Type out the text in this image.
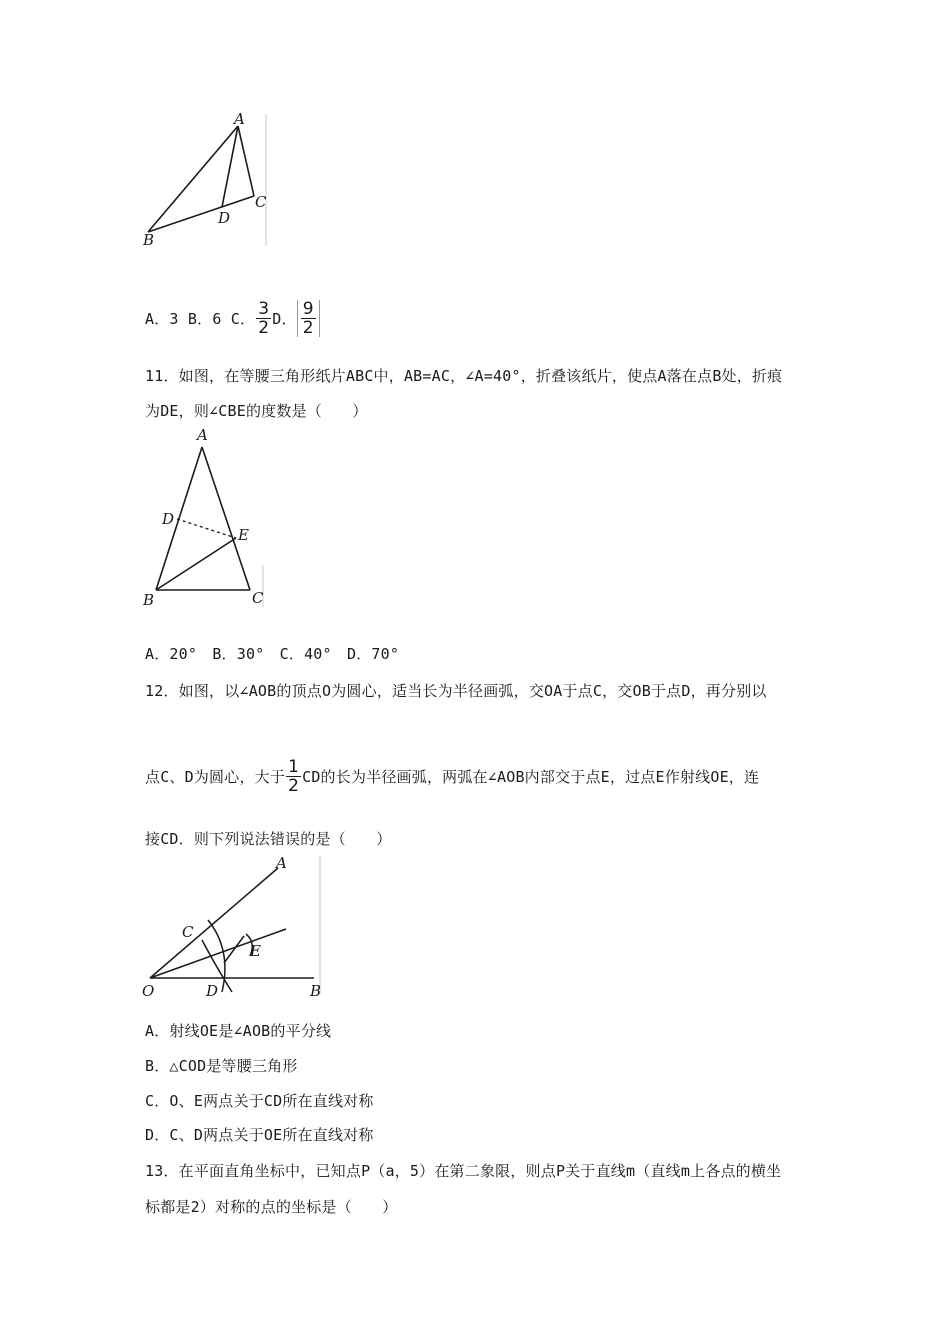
A
B
C
D
A．3 B．6 C． $\frac{3}{2}$ D． $\frac{9}{2}$
11．如图，在等腰三角形纸片ABC中，AB=AC，∠A=40°，折叠该纸片，使点A落在点B处，折痕
为DE，则∠CBE的度数是（　　）
A
B	C
D
E
A．20°　B．30°　C．40°　D．70°
12．如图，以∠AOB的顶点O为圆心，适当长为半径画弧，交OA于点C，交OB于点D，再分别以
点C、D为圆心，大于 $\frac{1}{2}$ CD的长为半径画弧，两弧在∠AOB内部交于点E，过点E作射线OE，连
接CD．则下列说法错误的是（　　）
A
B
C
D
E
O
A．射线OE是∠AOB的平分线
B．△COD是等腰三角形
C．O、E两点关于CD所在直线对称
D．C、D两点关于OE所在直线对称
13．在平面直角坐标中，已知点P（a，5）在第二象限，则点P关于直线m（直线m上各点的横坐
标都是2）对称的点的坐标是（　　）
